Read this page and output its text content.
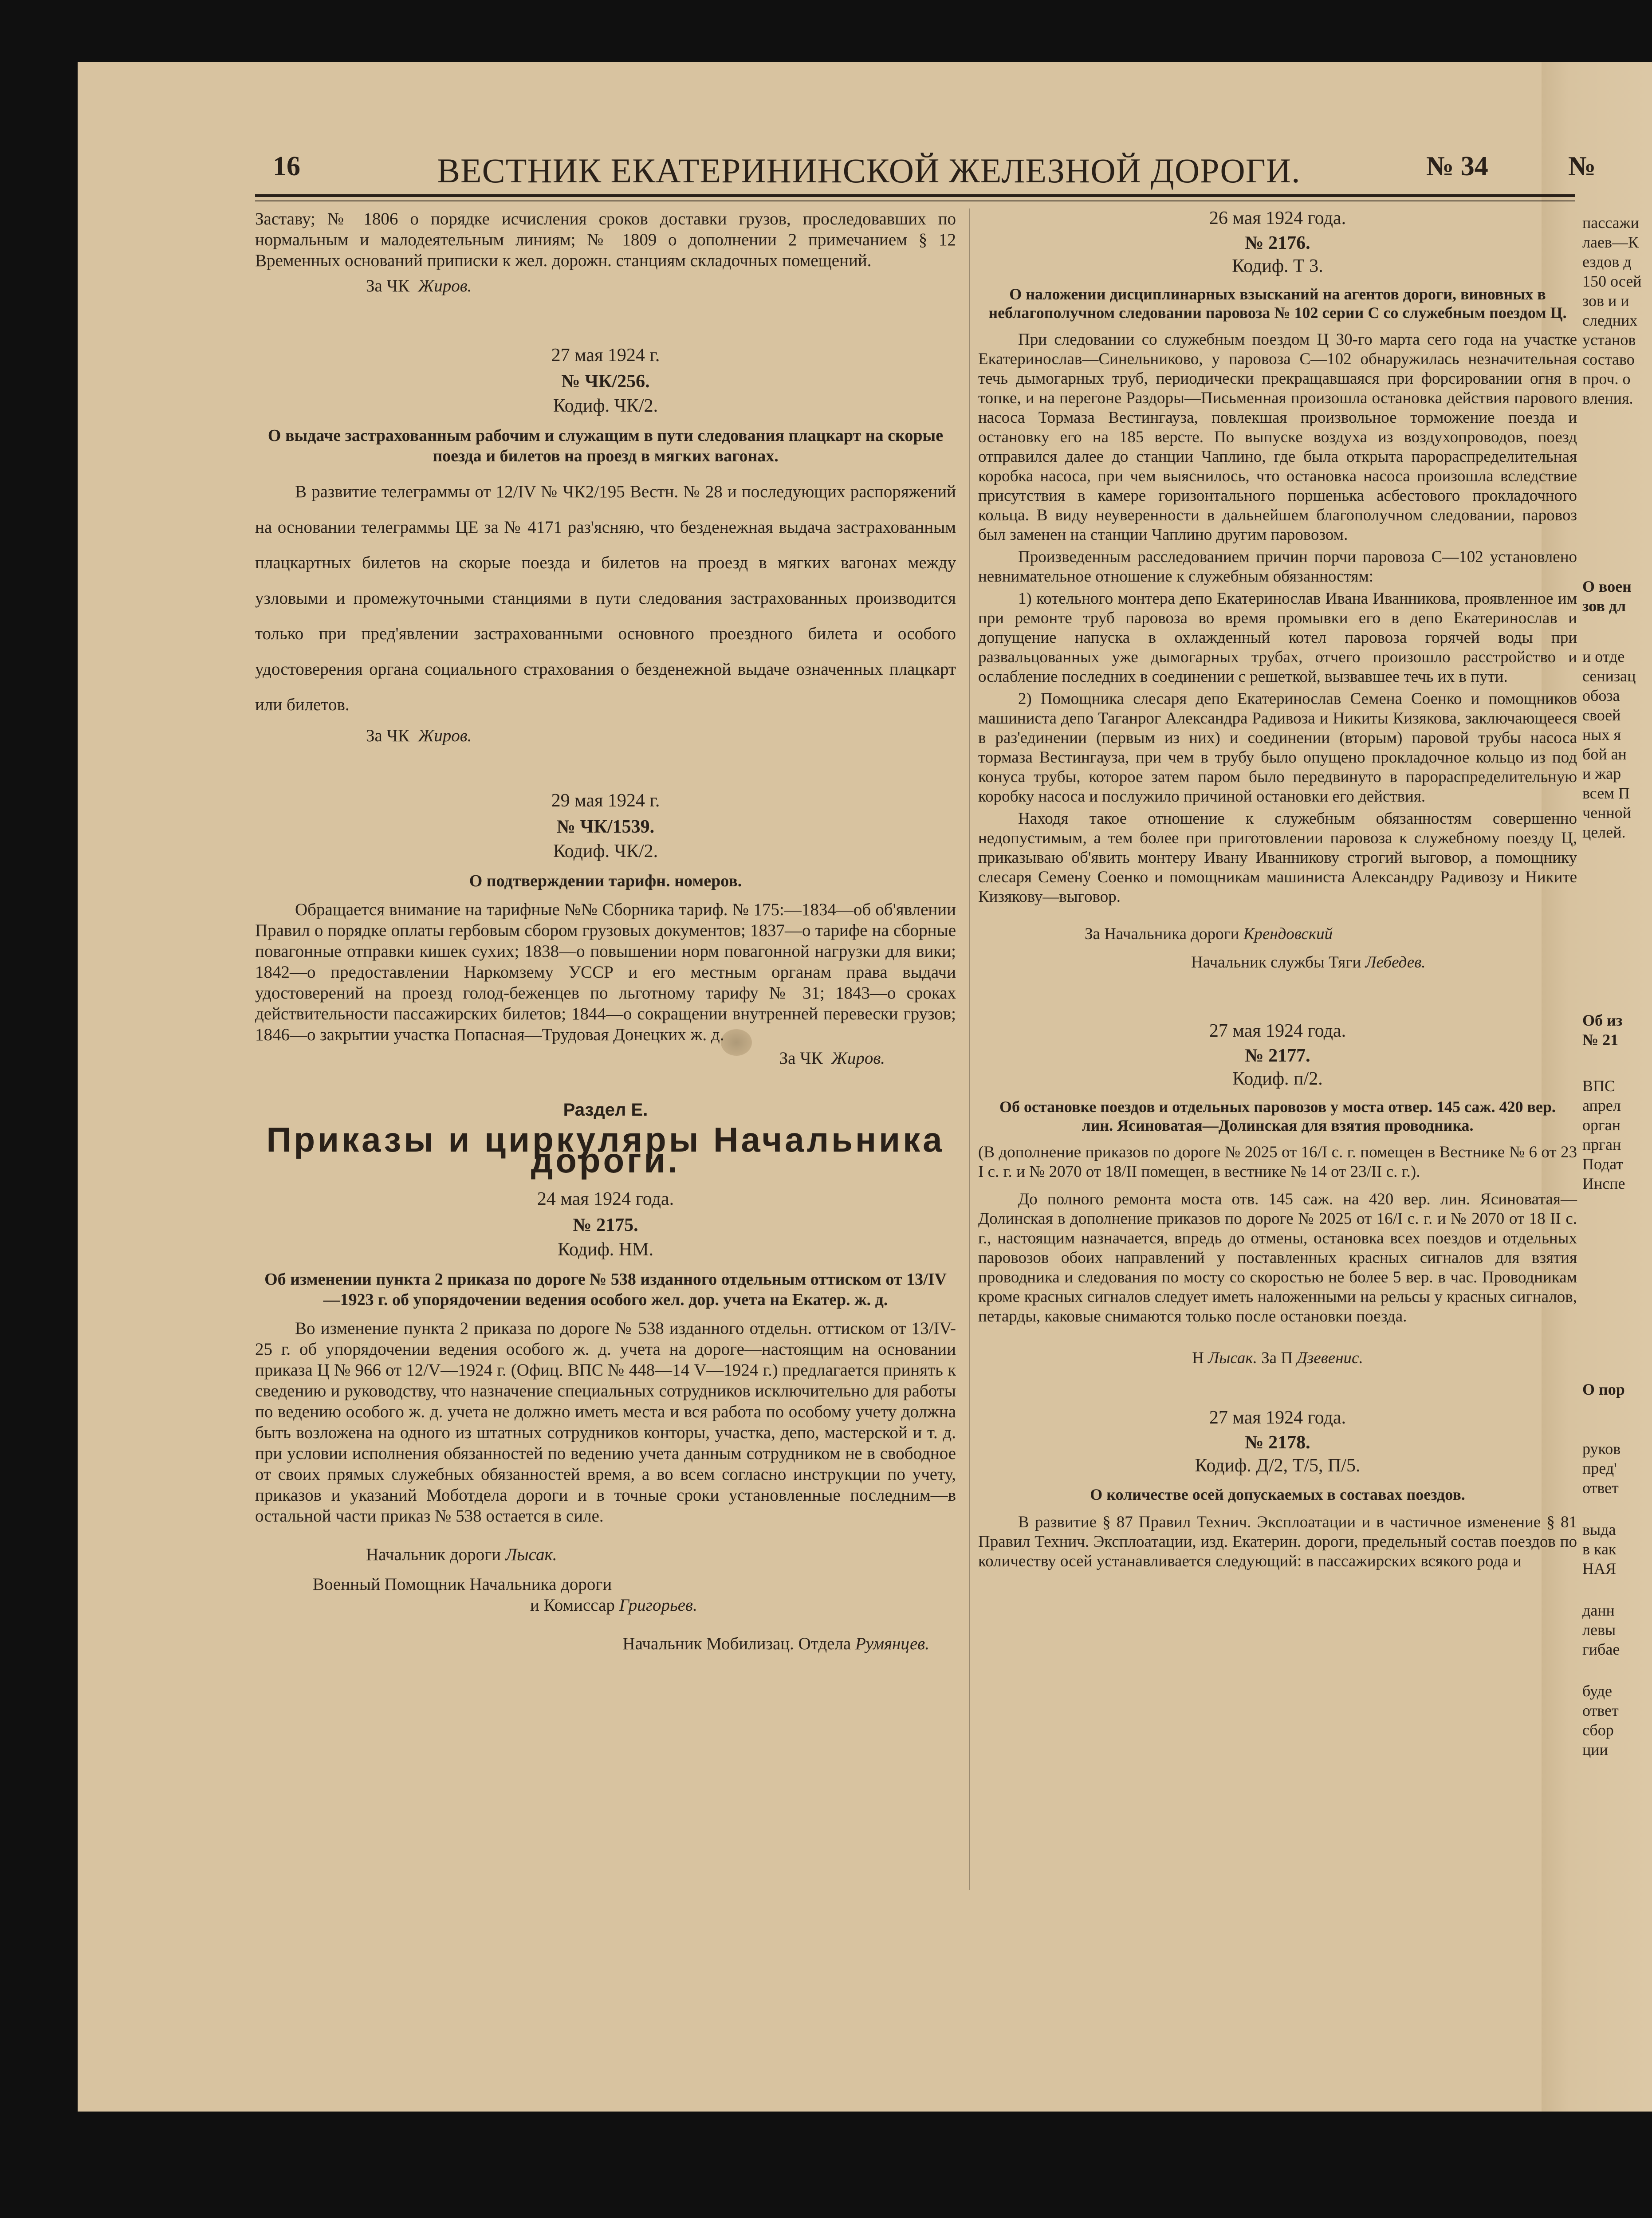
16	ВЕСТНИК ЕКАТЕРИНИНСКОЙ ЖЕЛЕЗНОЙ ДОРОГИ.	№ 34	№

Заставу; № 1806 о порядке исчисления сроков доставки грузов, проследовавших по нормальным и малодеятельным линиям; № 1809 о дополнении 2 примечанием § 12 Временных оснований приписки к жел. дорожн. станциям складочных помещений.

За ЧК Жиров.

27 мая 1924 г.
№ ЧК/256.
Кодиф. ЧК/2.
О выдаче застрахованным рабочим и служащим в пути следования плацкарт на скорые поезда и билетов на проезд в мягких вагонах.

В развитие телеграммы от 12/IV № ЧК2/195 Вестн. № 28 и последующих распоряжений на основании телеграммы ЦЕ за № 4171 раз'ясняю, что безденежная выдача застрахованным плацкартных билетов на скорые поезда и билетов на проезд в мягких вагонах между узловыми и промежуточными станциями в пути следования застрахованных производится только при пред'явлении застрахованными основного проездного билета и особого удостоверения органа социального страхования о безденежной выдаче означенных плацкарт или билетов.

За ЧК Жиров.

29 мая 1924 г.
№ ЧК/1539.
Кодиф. ЧК/2.
О подтверждении тарифн. номеров.

Обращается внимание на тарифные №№ Сборника тариф. № 175:—1834—об об'явлении Правил о порядке оплаты гербовым сбором грузовых документов; 1837—о тарифе на сборные повагонные отправки кишек сухих; 1838—о повышении норм повагонной нагрузки для вики; 1842—о предоставлении Наркомзему УССР и его местным органам права выдачи удостоверений на проезд голод-беженцев по льготному тарифу № 31; 1843—о сроках действительности пассажирских билетов; 1844—о сокращении внутренней перевески грузов; 1846—о закрытии участка Попасная—Трудовая Донецких ж. д.

За ЧК Жиров.

Раздел Е.
Приказы и циркуляры Начальника дороги.
24 мая 1924 года.
№ 2175.
Кодиф. НМ.
Об изменении пункта 2 приказа по дороге № 538 изданного отдельным оттиском от 13/IV—1923 г. об упорядочении ведения особого жел. дор. учета на Екатер. ж. д.

Во изменение пункта 2 приказа по дороге № 538 изданного отдельн. оттиском от 13/IV-25 г. об упорядочении ведения особого ж. д. учета на дороге—настоящим на основании приказа Ц № 966 от 12/V—1924 г. (Офиц. ВПС № 448—14 V—1924 г.) предлагается принять к сведению и руководству, что назначение специальных сотрудников исключительно для работы по ведению особого ж. д. учета не должно иметь места и вся работа по особому учету должна быть возложена на одного из штатных сотрудников конторы, участка, депо, мастерской и т. д. при условии исполнения обязанностей по ведению учета данным сотрудником не в свободное от своих прямых служебных обязанностей время, а во всем согласно инструкции по учету, приказов и указаний Моботдела дороги и в точные сроки установленные последним—в остальной части приказ № 538 остается в силе.

Начальник дороги Лысак.

Военный Помощник Начальника дороги

и Комиссар Григорьев.

Начальник Мобилизац. Отдела Румянцев.

26 мая 1924 года.
№ 2176.
Кодиф. Т 3.
О наложении дисциплинарных взысканий на агентов дороги, виновных в неблагополучном следовании паровоза № 102 серии С со служебным поездом Ц.

При следовании со служебным поездом Ц 30-го марта сего года на участке Екатеринослав—Синельниково, у паровоза С—102 обнаружилась незначительная течь дымогарных труб, периодически прекращавшаяся при форсировании огня в топке, и на перегоне Раздоры—Письменная произошла остановка действия парового насоса Тормаза Вестингауза, повлекшая произвольное торможение поезда и остановку его на 185 версте. По выпуске воздуха из воздухопроводов, поезд отправился далее до станции Чаплино, где была открыта парораспределительная коробка насоса, при чем выяснилось, что остановка насоса произошла вследствие присутствия в камере горизонтального поршенька асбестового прокладочного кольца. В виду неуверенности в дальнейшем благополучном следовании, паровоз был заменен на станции Чаплино другим паровозом.

Произведенным расследованием причин порчи паровоза С—102 установлено невнимательное отношение к служебным обязанностям:

1) котельного монтера депо Екатеринослав Ивана Иванникова, проявленное им при ремонте труб паровоза во время промывки его в депо Екатеринослав и допущение напуска в охлажденный котел паровоза горячей воды при развальцованных уже дымогарных трубах, отчего произошло расстройство и ослабление последних в соединении с решеткой, вызвавшее течь их в пути.

2) Помощника слесаря депо Екатеринослав Семена Соенко и помощников машиниста депо Таганрог Александра Радивоза и Никиты Кизякова, заключающееся в раз'единении (первым из них) и соединении (вторым) паровой трубы насоса тормаза Вестингауза, при чем в трубу было опущено прокладочное кольцо из под конуса трубы, которое затем паром было передвинуто в парораспределительную коробку насоса и послужило причиной остановки его действия.

Находя такое отношение к служебным обязанностям совершенно недопустимым, а тем более при приготовлении паровоза к служебному поезду Ц, приказываю об'явить монтеру Ивану Иванникову строгий выговор, а помощнику слесаря Семену Соенко и помощникам машиниста Александру Радивозу и Никите Кизякову—выговор.

За Начальника дороги Крендовский

Начальник службы Тяги Лебедев.

27 мая 1924 года.
№ 2177.
Кодиф. п/2.
Об остановке поездов и отдельных паровозов у моста отвер. 145 саж. 420 вер. лин. Ясиноватая—Долинская для взятия проводника.

(В дополнение приказов по дороге № 2025 от 16/I с. г. помещен в Вестнике № 6 от 23 I с. г. и № 2070 от 18/II помещен, в вестнике № 14 от 23/II с. г.).

До полного ремонта моста отв. 145 саж. на 420 вер. лин. Ясиноватая—Долинская в дополнение приказов по дороге № 2025 от 16/I с. г. и № 2070 от 18 II с. г., настоящим назначается, впредь до отмены, остановка всех поездов и отдельных паровозов обоих направлений у поставленных красных сигналов для взятия проводника и следования по мосту со скоростью не более 5 вер. в час. Проводникам кроме красных сигналов следует иметь наложенными на рельсы у красных сигналов, петарды, каковые снимаются только после остановки поезда.

Н Лысак. За П Дзевенис.

27 мая 1924 года.
№ 2178.
Кодиф. Д/2, Т/5, П/5.
О количестве осей допускаемых в составах поездов.

В развитие § 87 Правил Технич. Эксплоатации и в частичное изменение § 81 Правил Технич. Эксплоатации, изд. Екатерин. дороги, предельный состав поездов по количеству осей устанавливается следующий: в пассажирских всякого рода и

пассажи
лаев—К
ездов д
150 осей
зов и и
следних
установ
составо
проч. о
вления.
О воен
зов дл
и отде
сенизац
обоза
своей
ных я
бой ан
и жар
всем П
ченной
целей.
Об из
№ 21
ВПС
апрел
орган
прган
Подат
Инспе
О пор
руков
пред'
ответ
выда
в как
НАЯ
данн
левы
гибае
буде
ответ
сбор
ции
